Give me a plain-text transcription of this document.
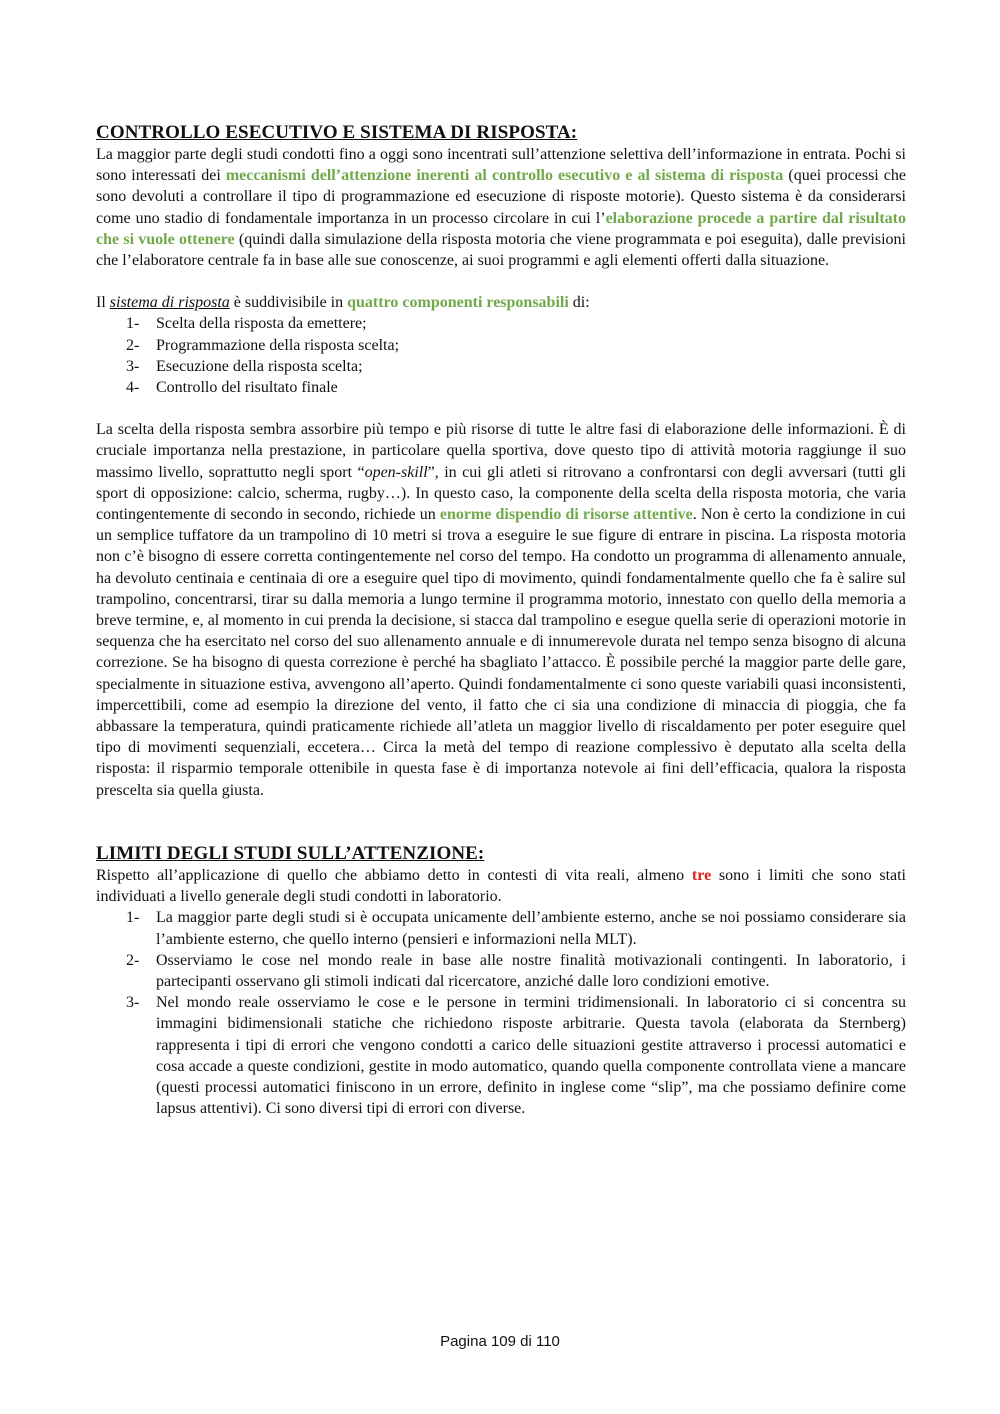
CONTROLLO ESECUTIVO E SISTEMA DI RISPOSTA:

La maggior parte degli studi condotti fino a oggi sono incentrati sull’attenzione selettiva dell’informazione in entrata. Pochi si sono interessati dei meccanismi dell’attenzione inerenti al controllo esecutivo e al sistema di risposta (quei processi che sono devoluti a controllare il tipo di programmazione ed esecuzione di risposte motorie). Questo sistema è da considerarsi come uno stadio di fondamentale importanza in un processo circolare in cui l’elaborazione procede a partire dal risultato che si vuole ottenere (quindi dalla simulazione della risposta motoria che viene programmata e poi eseguita), dalle previsioni che l’elaboratore centrale fa in base alle sue conoscenze, ai suoi programmi e agli elementi offerti dalla situazione.

Il sistema di risposta è suddivisibile in quattro componenti responsabili di:

1- Scelta della risposta da emettere;
2- Programmazione della risposta scelta;
3- Esecuzione della risposta scelta;
4- Controllo del risultato finale

La scelta della risposta sembra assorbire più tempo e più risorse di tutte le altre fasi di elaborazione delle informazioni. È di cruciale importanza nella prestazione, in particolare quella sportiva, dove questo tipo di attività motoria raggiunge il suo massimo livello, soprattutto negli sport “open-skill”, in cui gli atleti si ritrovano a confrontarsi con degli avversari (tutti gli sport di opposizione: calcio, scherma, rugby…). In questo caso, la componente della scelta della risposta motoria, che varia contingentemente di secondo in secondo, richiede un enorme dispendio di risorse attentive. Non è certo la condizione in cui un semplice tuffatore da un trampolino di 10 metri si trova a eseguire le sue figure di entrare in piscina. La risposta motoria non c’è bisogno di essere corretta contingentemente nel corso del tempo. Ha condotto un programma di allenamento annuale, ha devoluto centinaia e centinaia di ore a eseguire quel tipo di movimento, quindi fondamentalmente quello che fa è salire sul trampolino, concentrarsi, tirar su dalla memoria a lungo termine il programma motorio, innestato con quello della memoria a breve termine, e, al momento in cui prenda la decisione, si stacca dal trampolino e esegue quella serie di operazioni motorie in sequenza che ha esercitato nel corso del suo allenamento annuale e di innumerevole durata nel tempo senza bisogno di alcuna correzione. Se ha bisogno di questa correzione è perché ha sbagliato l’attacco. È possibile perché la maggior parte delle gare, specialmente in situazione estiva, avvengono all’aperto. Quindi fondamentalmente ci sono queste variabili quasi inconsistenti, impercettibili, come ad esempio la direzione del vento, il fatto che ci sia una condizione di minaccia di pioggia, che fa abbassare la temperatura, quindi praticamente richiede all’atleta un maggior livello di riscaldamento per poter eseguire quel tipo di movimenti sequenziali, eccetera… Circa la metà del tempo di reazione complessivo è deputato alla scelta della risposta: il risparmio temporale ottenibile in questa fase è di importanza notevole ai fini dell’efficacia, qualora la risposta prescelta sia quella giusta.

LIMITI DEGLI STUDI SULL’ATTENZIONE:

Rispetto all’applicazione di quello che abbiamo detto in contesti di vita reali, almeno tre sono i limiti che sono stati individuati a livello generale degli studi condotti in laboratorio.

1- La maggior parte degli studi si è occupata unicamente dell’ambiente esterno, anche se noi possiamo considerare sia l’ambiente esterno, che quello interno (pensieri e informazioni nella MLT).
2- Osserviamo le cose nel mondo reale in base alle nostre finalità motivazionali contingenti. In laboratorio, i partecipanti osservano gli stimoli indicati dal ricercatore, anziché dalle loro condizioni emotive.
3- Nel mondo reale osserviamo le cose e le persone in termini tridimensionali. In laboratorio ci si concentra su immagini bidimensionali statiche che richiedono risposte arbitrarie. Questa tavola (elaborata da Sternberg) rappresenta i tipi di errori che vengono condotti a carico delle situazioni gestite attraverso i processi automatici e cosa accade a queste condizioni, gestite in modo automatico, quando quella componente controllata viene a mancare (questi processi automatici finiscono in un errore, definito in inglese come “slip”, ma che possiamo definire come lapsus attentivi). Ci sono diversi tipi di errori con diverse.
Pagina 109 di 110
